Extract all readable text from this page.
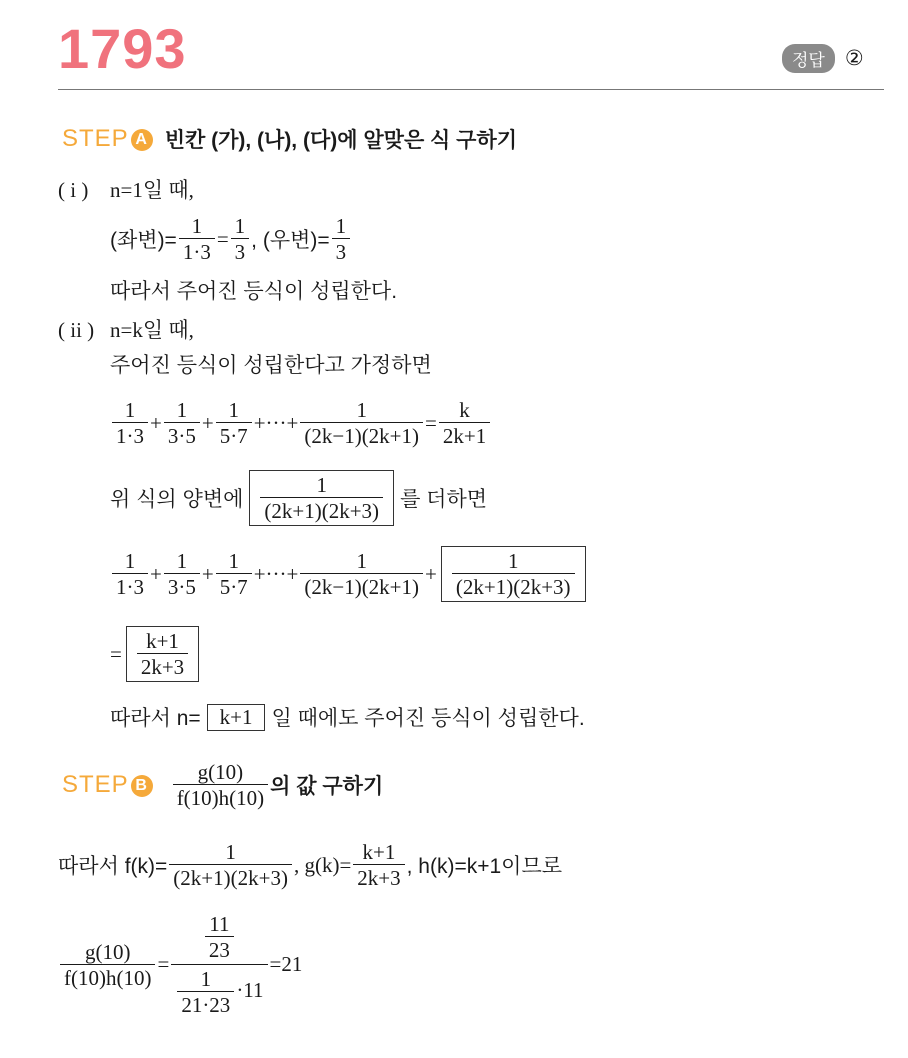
1793	정답 ②
STEP A 빈칸 (가), (나), (다)에 알맞은 식 구하기
( i ) n=1일 때,
(좌변)= $\frac{1}{1\cdot 3} = \frac{1}{3}$ , (우변)= $\frac{1}{3}$
따라서 주어진 등식이 성립한다.
( ii ) n=k일 때,
주어진 등식이 성립한다고 가정하면
$\frac{1}{1\cdot 3} + \frac{1}{3\cdot 5} + \frac{1}{5\cdot 7}$ +···+ $\frac{1}{(2k-1)(2k+1)} = \frac{k}{2k+1}$
위 식의 양변에 $\frac{1}{(2k+1)(2k+3)}$ 를 더하면
$\frac{1}{1\cdot 3} + \frac{1}{3\cdot 5} + \frac{1}{5\cdot 7}$ +···+ $\frac{1}{(2k-1)(2k+1)} + \frac{1}{(2k+1)(2k+3)}$
= $\frac{k+1}{2k+3}$
따라서 n= k+1 일 때에도 주어진 등식이 성립한다.
STEP B $\frac{g(10)}{f(10)h(10)}$ 의 값 구하기
따라서 $f(k)= \frac{1}{(2k+1)(2k+3)}$ , $g(k)= \frac{k+1}{2k+3}$ , h(k)=k+1이므로
$\frac{g(10)}{f(10)h(10)} = \frac{\frac{11}{23}}{\frac{1}{21\cdot 23} \cdot 11} =21$
